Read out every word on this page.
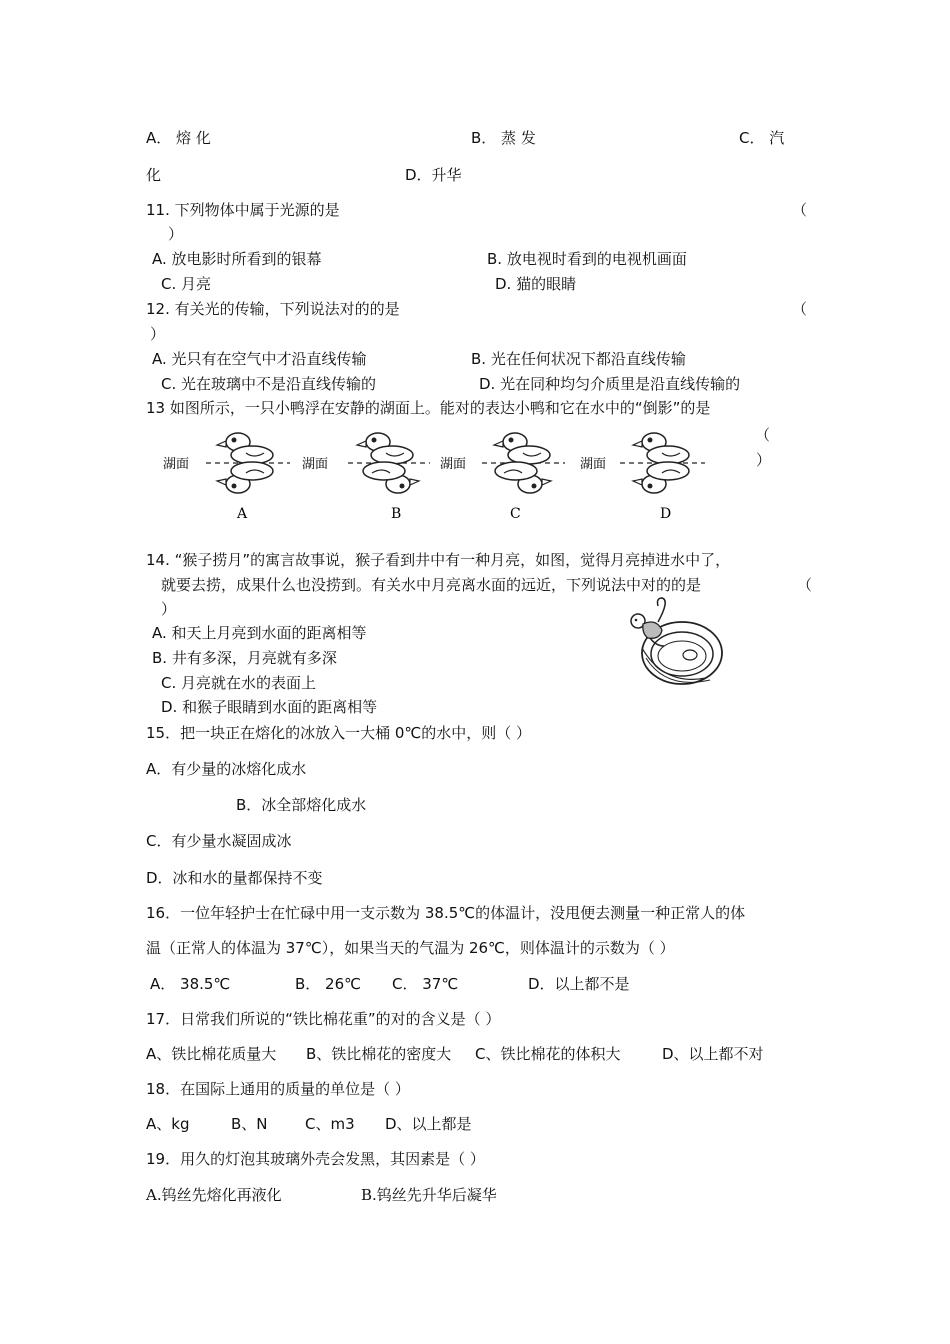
A． 熔 化	B． 蒸 发	C． 汽
化	D．升华
11. 下列物体中属于光源的是	（
）
A. 放电影时所看到的银幕	B. 放电视时看到的电视机画面
C. 月亮	D. 猫的眼睛
12. 有关光的传输，下列说法对的的是	（
）
A. 光只有在空气中才沿直线传输	B. 光在任何状况下都沿直线传输
C. 光在玻璃中不是沿直线传输的	D. 光在同种均匀介质里是沿直线传输的
13 如图所示，一只小鸭浮在安静的湖面上。能对的表达小鸭和它在水中的“倒影”的是
（
）
湖面	湖面	湖面	湖面
A	B	C	D
14. “猴子捞月”的寓言故事说，猴子看到井中有一种月亮，如图，觉得月亮掉进水中了，
就要去捞，成果什么也没捞到。有关水中月亮离水面的远近，下列说法中对的的是	（
）
A. 和天上月亮到水面的距离相等
B. 井有多深，月亮就有多深
C. 月亮就在水的表面上
D. 和猴子眼睛到水面的距离相等
15．把一块正在熔化的冰放入一大桶 0℃的水中，则（ ）
A．有少量的冰熔化成水
B．冰全部熔化成水
C．有少量水凝固成冰
D．冰和水的量都保持不变
16．一位年轻护士在忙碌中用一支示数为 38.5℃的体温计，没甩便去测量一种正常人的体
温（正常人的体温为 37℃），如果当天的气温为 26℃，则体温计的示数为（ ）
A． 38.5℃	B． 26℃ C． 37℃	D．以上都不是
17．日常我们所说的“铁比棉花重”的对的含义是（ ）
A、铁比棉花质量大 B、铁比棉花的密度大 C、铁比棉花的体积大	D、以上都不对
18．在国际上通用的质量的单位是（ ）
A、kg	B、N C、m3 D、以上都是
19．用久的灯泡其玻璃外壳会发黑，其因素是（ ）
A.钨丝先熔化再液化	B.钨丝先升华后凝华
